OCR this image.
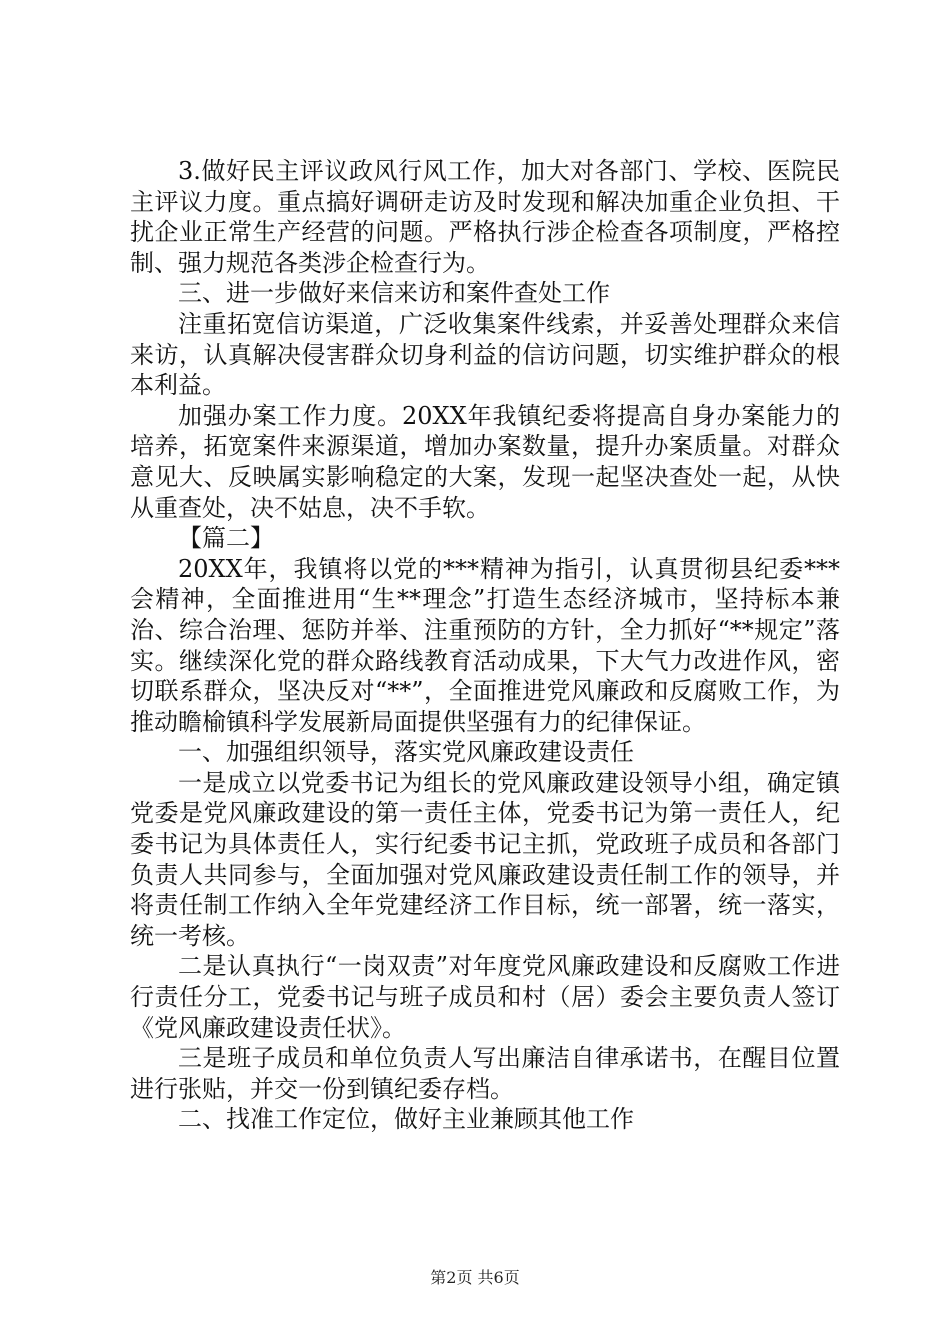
3.做好民主评议政风行风工作，加大对各部门、学校、医院民主评议力度。重点搞好调研走访及时发现和解决加重企业负担、干扰企业正常生产经营的问题。严格执行涉企检查各项制度，严格控制、强力规范各类涉企检查行为。

三、进一步做好来信来访和案件查处工作

注重拓宽信访渠道，广泛收集案件线索，并妥善处理群众来信来访，认真解决侵害群众切身利益的信访问题，切实维护群众的根本利益。

加强办案工作力度。20XX年我镇纪委将提高自身办案能力的培养，拓宽案件来源渠道，增加办案数量，提升办案质量。对群众意见大、反映属实影响稳定的大案，发现一起坚决查处一起，从快从重查处，决不姑息，决不手软。

【篇二】

20XX年，我镇将以党的***精神为指引，认真贯彻县纪委***会精神，全面推进用“生**理念”打造生态经济城市，坚持标本兼治、综合治理、惩防并举、注重预防的方针，全力抓好“**规定”落实。继续深化党的群众路线教育活动成果，下大气力改进作风，密切联系群众，坚决反对“**”，全面推进党风廉政和反腐败工作，为推动瞻榆镇科学发展新局面提供坚强有力的纪律保证。

一、加强组织领导，落实党风廉政建设责任

一是成立以党委书记为组长的党风廉政建设领导小组，确定镇党委是党风廉政建设的第一责任主体，党委书记为第一责任人，纪委书记为具体责任人，实行纪委书记主抓，党政班子成员和各部门负责人共同参与，全面加强对党风廉政建设责任制工作的领导，并将责任制工作纳入全年党建经济工作目标，统一部署，统一落实，统一考核。

二是认真执行“一岗双责”对年度党风廉政建设和反腐败工作进行责任分工，党委书记与班子成员和村（居）委会主要负责人签订《党风廉政建设责任状》。

三是班子成员和单位负责人写出廉洁自律承诺书，在醒目位置进行张贴，并交一份到镇纪委存档。

二、找准工作定位，做好主业兼顾其他工作

第2页 共6页
